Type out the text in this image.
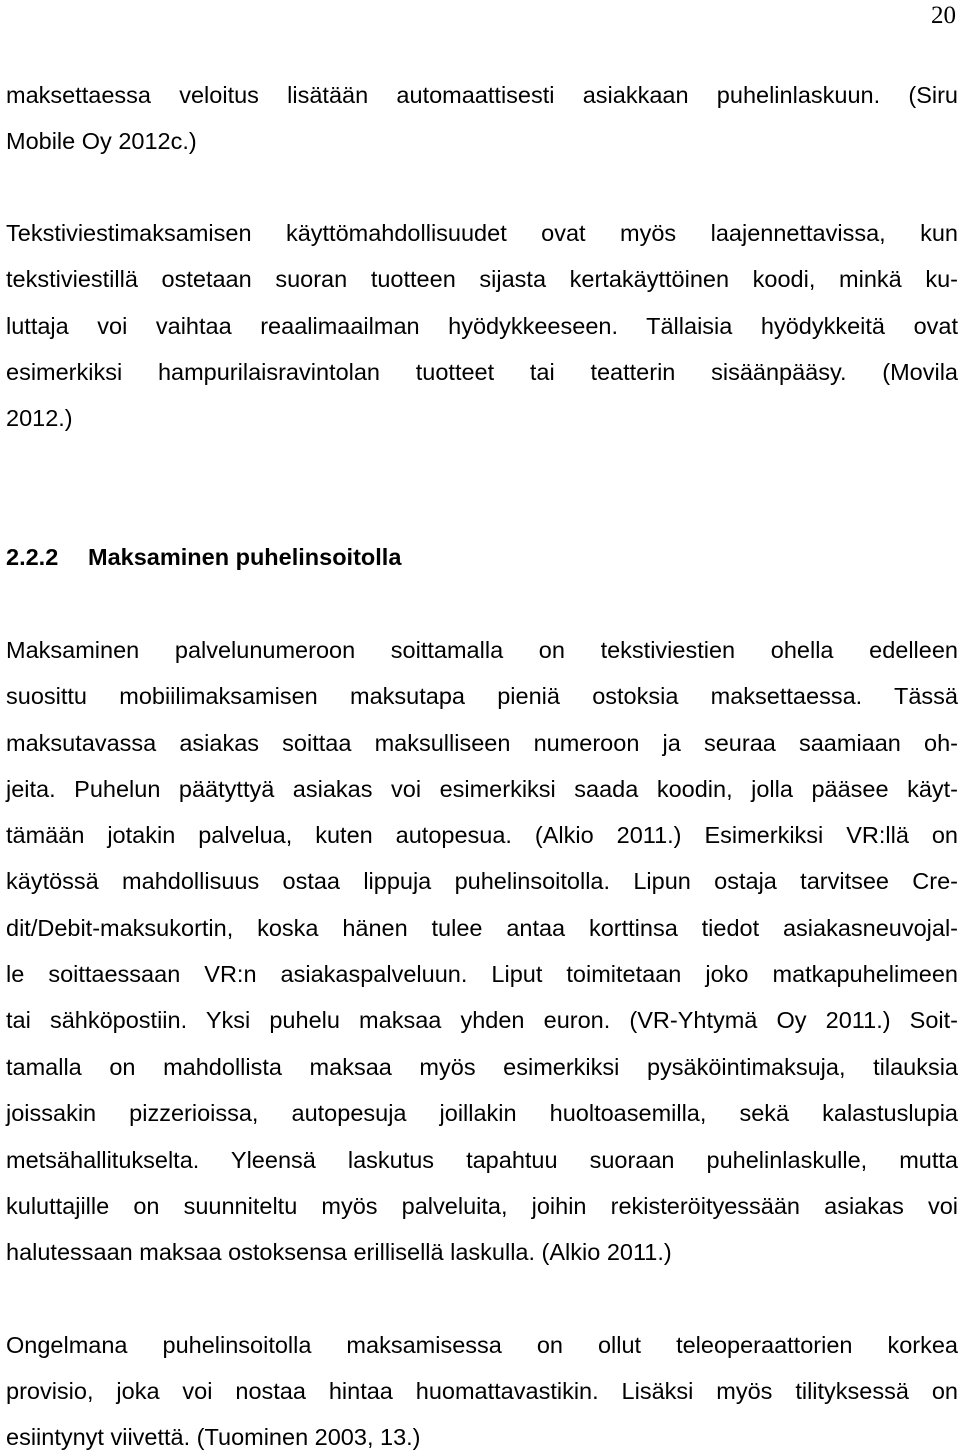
20
maksettaessa veloitus lisätään automaattisesti asiakkaan puhelinlaskuun. (Siru
Mobile Oy 2012c.)
Tekstiviestimaksamisen käyttömahdollisuudet ovat myös laajennettavissa, kun
tekstiviestillä ostetaan suoran tuotteen sijasta kertakäyttöinen koodi, minkä ku-
luttaja voi vaihtaa reaalimaailman hyödykkeeseen. Tällaisia hyödykkeitä ovat
esimerkiksi hampurilaisravintolan tuotteet tai teatterin sisäänpääsy. (Movila
2012.)
2.2.2 Maksaminen puhelinsoitolla
Maksaminen palvelunumeroon soittamalla on tekstiviestien ohella edelleen
suosittu mobiilimaksamisen maksutapa pieniä ostoksia maksettaessa. Tässä
maksutavassa asiakas soittaa maksulliseen numeroon ja seuraa saamiaan oh-
jeita. Puhelun päätyttyä asiakas voi esimerkiksi saada koodin, jolla pääsee käyt-
tämään jotakin palvelua, kuten autopesua. (Alkio 2011.) Esimerkiksi VR:llä on
käytössä mahdollisuus ostaa lippuja puhelinsoitolla. Lipun ostaja tarvitsee Cre-
dit/Debit-maksukortin, koska hänen tulee antaa korttinsa tiedot asiakasneuvojal-
le soittaessaan VR:n asiakaspalveluun. Liput toimitetaan joko matkapuhelimeen
tai sähköpostiin. Yksi puhelu maksaa yhden euron. (VR-Yhtymä Oy 2011.) Soit-
tamalla on mahdollista maksaa myös esimerkiksi pysäköintimaksuja, tilauksia
joissakin pizzerioissa, autopesuja joillakin huoltoasemilla, sekä kalastuslupia
metsähallitukselta. Yleensä laskutus tapahtuu suoraan puhelinlaskulle, mutta
kuluttajille on suunniteltu myös palveluita, joihin rekisteröityessään asiakas voi
halutessaan maksaa ostoksensa erillisellä laskulla. (Alkio 2011.)
Ongelmana puhelinsoitolla maksamisessa on ollut teleoperaattorien korkea
provisio, joka voi nostaa hintaa huomattavastikin. Lisäksi myös tilityksessä on
esiintynyt viivettä. (Tuominen 2003, 13.)
